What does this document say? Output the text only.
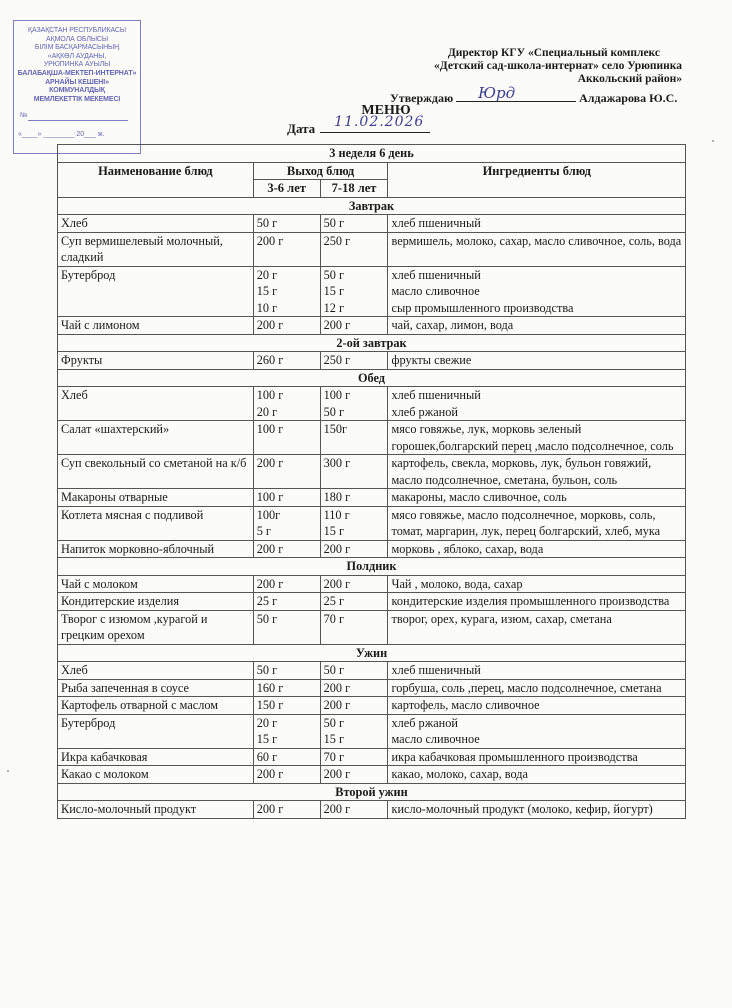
ҚАЗАҚСТАН РЕСПУБЛИКАСЫ
АҚМОЛА ОБЛЫСЫ
БІЛІМ БАСҚАРМАСЫНЫҢ
«АҚКӨЛ АУДАНЫ,
УРЮПИНКА АУЫЛЫ
БАЛАБАҚША-МЕКТЕП-ИНТЕРНАТ»
АРНАЙЫ КЕШЕНІ»
КОММУНАЛДЫҚ
МЕМЛЕКЕТТІК МЕКЕМЕСІ
№
«____» ________ 20___ ж.
Директор КГУ «Специальный комплекс
«Детский сад-школа-интернат» село Урюпинка
Аккольский район»
Утверждаю Юрд	Алдажарова Ю.С.
МЕНЮ
Дата 11.02.2026
3 неделя 6 день			
Наименование блюд	Выход блюд		Ингредиенты блюд
	3-6 лет	7-18 лет	
Завтрак			
Хлеб	50 г	50 г	хлеб пшеничный

Суп вермишелевый молочный, сладкий	200 г	250 г	вермишель, молоко, сахар, масло сливочное, соль, вода

Бутерброд	20 г
15 г
10 г	50 г
15 г
12 г	хлеб пшеничный
масло сливочное
сыр промышленного производства

Чай с лимоном	200 г	200 г	чай, сахар, лимон, вода

2-ой завтрак			
Фрукты	260 г	250 г	фрукты свежие

Обед			
Хлеб	100 г
20 г	100 г
50 г	хлеб пшеничный
хлеб ржаной

Салат «шахтерский»	100 г	150г	мясо говяжье, лук, морковь зеленый горошек,болгарский перец ,масло подсолнечное, соль

Суп свекольный со сметаной на к/б	200 г	300 г	картофель, свекла, морковь, лук, бульон говяжий, масло подсолнечное, сметана, бульон, соль

Макароны отварные	100 г	180 г	макароны, масло сливочное, соль

Котлета мясная с подливой	100г
5 г	110 г
15 г	мясо говяжье, масло подсолнечное, морковь, соль, томат, маргарин, лук, перец болгарский, хлеб, мука

Напиток морковно-яблочный	200 г	200 г	морковь , яблоко, сахар, вода

Полдник			
Чай с молоком	200 г	200 г	Чай , молоко, вода, сахар

Кондитерские изделия	25 г	25 г	кондитерские изделия промышленного производства

Творог с изюмом ,курагой и грецким орехом	50 г	70 г	творог, орех, курага, изюм, сахар, сметана

Ужин			
Хлеб	50 г	50 г	хлеб пшеничный

Рыба запеченная в соусе	160 г	200 г	горбуша, соль ,перец, масло подсолнечное, сметана

Картофель отварной с маслом	150 г	200 г	картофель, масло сливочное

Бутерброд	20 г
15 г	50 г
15 г	хлеб ржаной
масло сливочное

Икра кабачковая	60 г	70 г	икра кабачковая промышленного производства

Какао с молоком	200 г	200 г	какао, молоко, сахар, вода

Второй ужин			
Кисло-молочный продукт	200 г	200 г	кисло-молочный продукт (молоко, кефир, йогурт)
